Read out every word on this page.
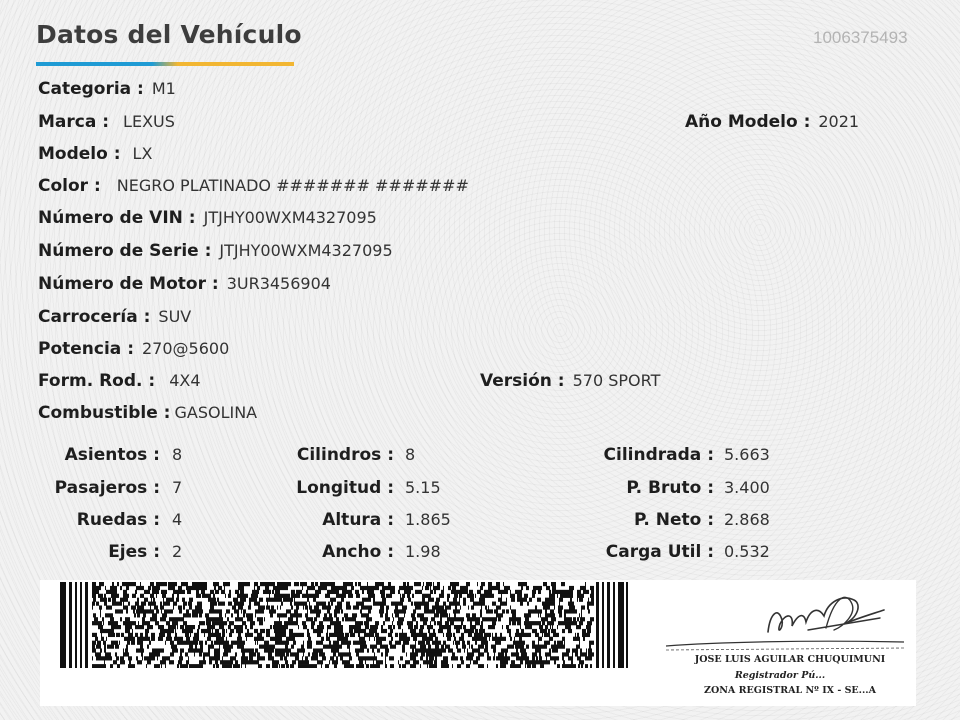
Datos del Vehículo	1006375493
Categoria : M1
Marca : LEXUS	Año Modelo : 2021
Modelo : LX
Color : NEGRO PLATINADO ####### #######
Número de VIN : JTJHY00WXM4327095
Número de Serie : JTJHY00WXM4327095
Número de Motor : 3UR3456904
Carrocería : SUV
Potencia : 270@5600
Form. Rod. : 4X4	Versión : 570 SPORT
Combustible : GASOLINA
Asientos : 8
Pasajeros : 7
Ruedas : 4
Ejes : 2
Cilindros : 8
Longitud : 5.15
Altura : 1.865
Ancho : 1.98
Cilindrada : 5.663
P. Bruto : 3.400
P. Neto : 2.868
Carga Util : 0.532
JOSE LUIS AGUILAR CHUQUIMUNI
Registrador Pú...
ZONA REGISTRAL Nº IX - SE...A
